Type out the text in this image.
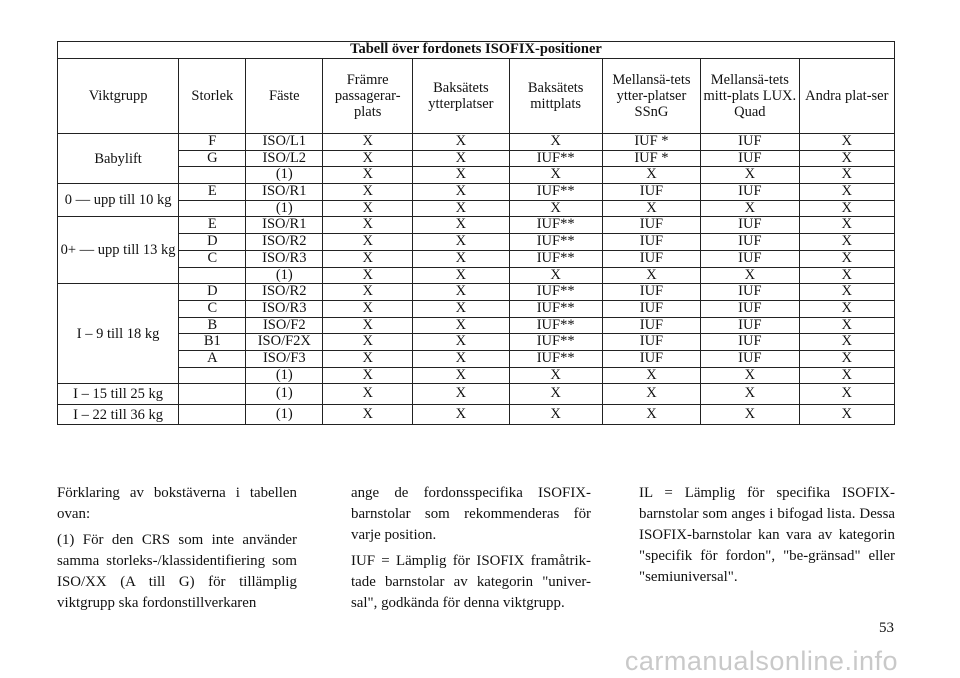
Tabell över fordonets ISOFIX-positioner								
Viktgrupp	Storlek	Fäste	Främre passagerar-plats	Baksätets ytterplatser	Baksätets mittplats	Mellansä-tets ytter-platser SSnG	Mellansä-tets mitt-plats LUX. Quad	Andra plat-ser
Babylift	F	ISO/L1	X	X	X	IUF *	IUF	X
	G	ISO/L2	X	X	IUF**	IUF *	IUF	X
		(1)	X	X	X	X	X	X
0 — upp till 10 kg	E	ISO/R1	X	X	IUF**	IUF	IUF	X
		(1)	X	X	X	X	X	X
0+ — upp till 13 kg	E	ISO/R1	X	X	IUF**	IUF	IUF	X
	D	ISO/R2	X	X	IUF**	IUF	IUF	X
	C	ISO/R3	X	X	IUF**	IUF	IUF	X
		(1)	X	X	X	X	X	X
I – 9 till 18 kg	D	ISO/R2	X	X	IUF**	IUF	IUF	X
	C	ISO/R3	X	X	IUF**	IUF	IUF	X
	B	ISO/F2	X	X	IUF**	IUF	IUF	X
	B1	ISO/F2X	X	X	IUF**	IUF	IUF	X
	A	ISO/F3	X	X	IUF**	IUF	IUF	X
		(1)	X	X	X	X	X	X
I – 15 till 25 kg		(1)	X	X	X	X	X	X
I – 22 till 36 kg		(1)	X	X	X	X	X	X

Förklaring av bokstäverna i tabellen ovan:

(1) För den CRS som inte använder samma storleks-/klassidentifiering som ISO/XX (A till G) för tillämplig viktgrupp ska fordonstillverkaren

ange de fordonsspecifika ISOFIX-barnstolar som rekommenderas för varje position.

IUF = Lämplig för ISOFIX framåtrik-tade barnstolar av kategorin "univer-sal", godkända för denna viktgrupp.

IL = Lämplig för specifika ISOFIX-barnstolar som anges i bifogad lista. Dessa ISOFIX-barnstolar kan vara av kategorin "specifik för fordon", "be-gränsad" eller "semiuniversal".

53
carmanualsonline.info
